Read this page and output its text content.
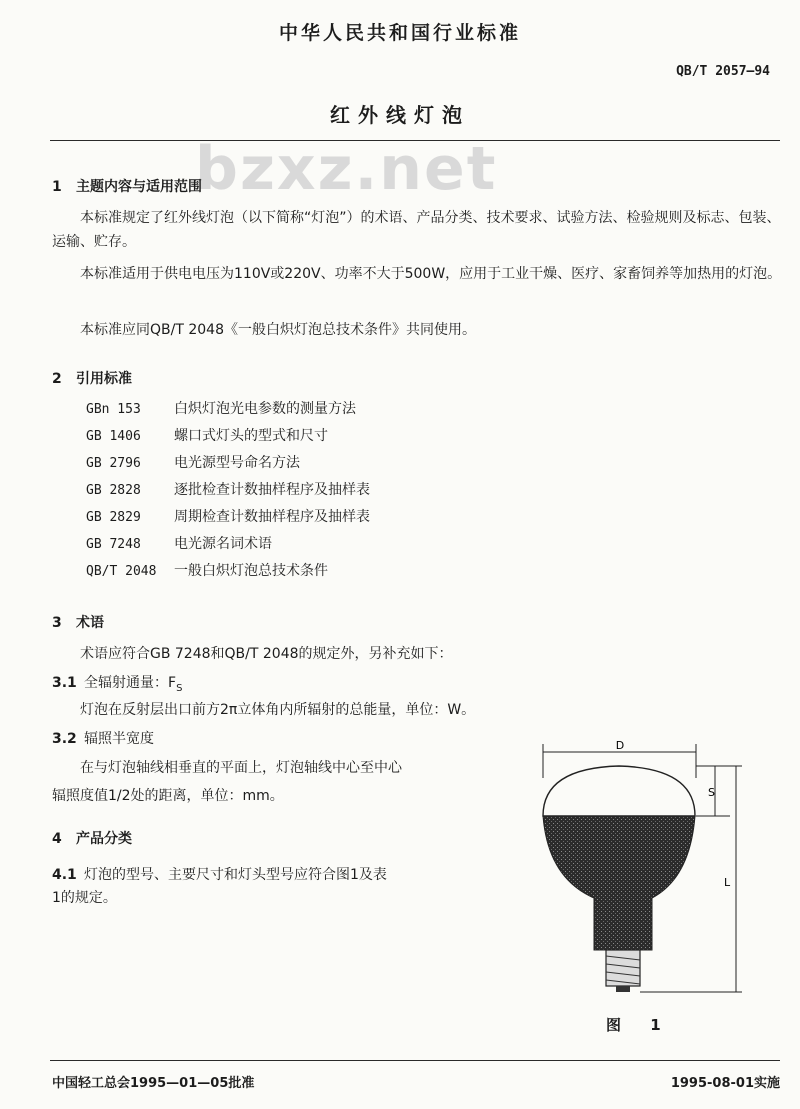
中华人民共和国行业标准
QB/T 2057—94
红外线灯泡
bzxz.net
1 主题内容与适用范围
本标准规定了红外线灯泡（以下简称“灯泡”）的术语、产品分类、技术要求、试验方法、检验规则及标志、包装、运输、贮存。
本标准适用于供电电压为110V或220V、功率不大于500W，应用于工业干燥、医疗、家畜饲养等加热用的灯泡。
本标准应同QB/T 2048《一般白炽灯泡总技术条件》共同使用。
2 引用标准
GBn 153 白炽灯泡光电参数的测量方法
GB 1406 螺口式灯头的型式和尺寸
GB 2796 电光源型号命名方法
GB 2828 逐批检查计数抽样程序及抽样表
GB 2829 周期检查计数抽样程序及抽样表
GB 7248 电光源名词术语
QB/T 2048 一般白炽灯泡总技术条件
3 术语
术语应符合GB 7248和QB/T 2048的规定外，另补充如下：
3.1 全辐射通量：$F_S$
灯泡在反射层出口前方2π立体角内所辐射的总能量，单位：W。
3.2 辐照半宽度
在与灯泡轴线相垂直的平面上，灯泡轴线中心至中心
辐照度值1/2处的距离，单位：mm。
4 产品分类
4.1 灯泡的型号、主要尺寸和灯头型号应符合图1及表
1的规定。
D
S
L
图 1
中国轻工总会1995—01—05批准	1995-08-01实施
